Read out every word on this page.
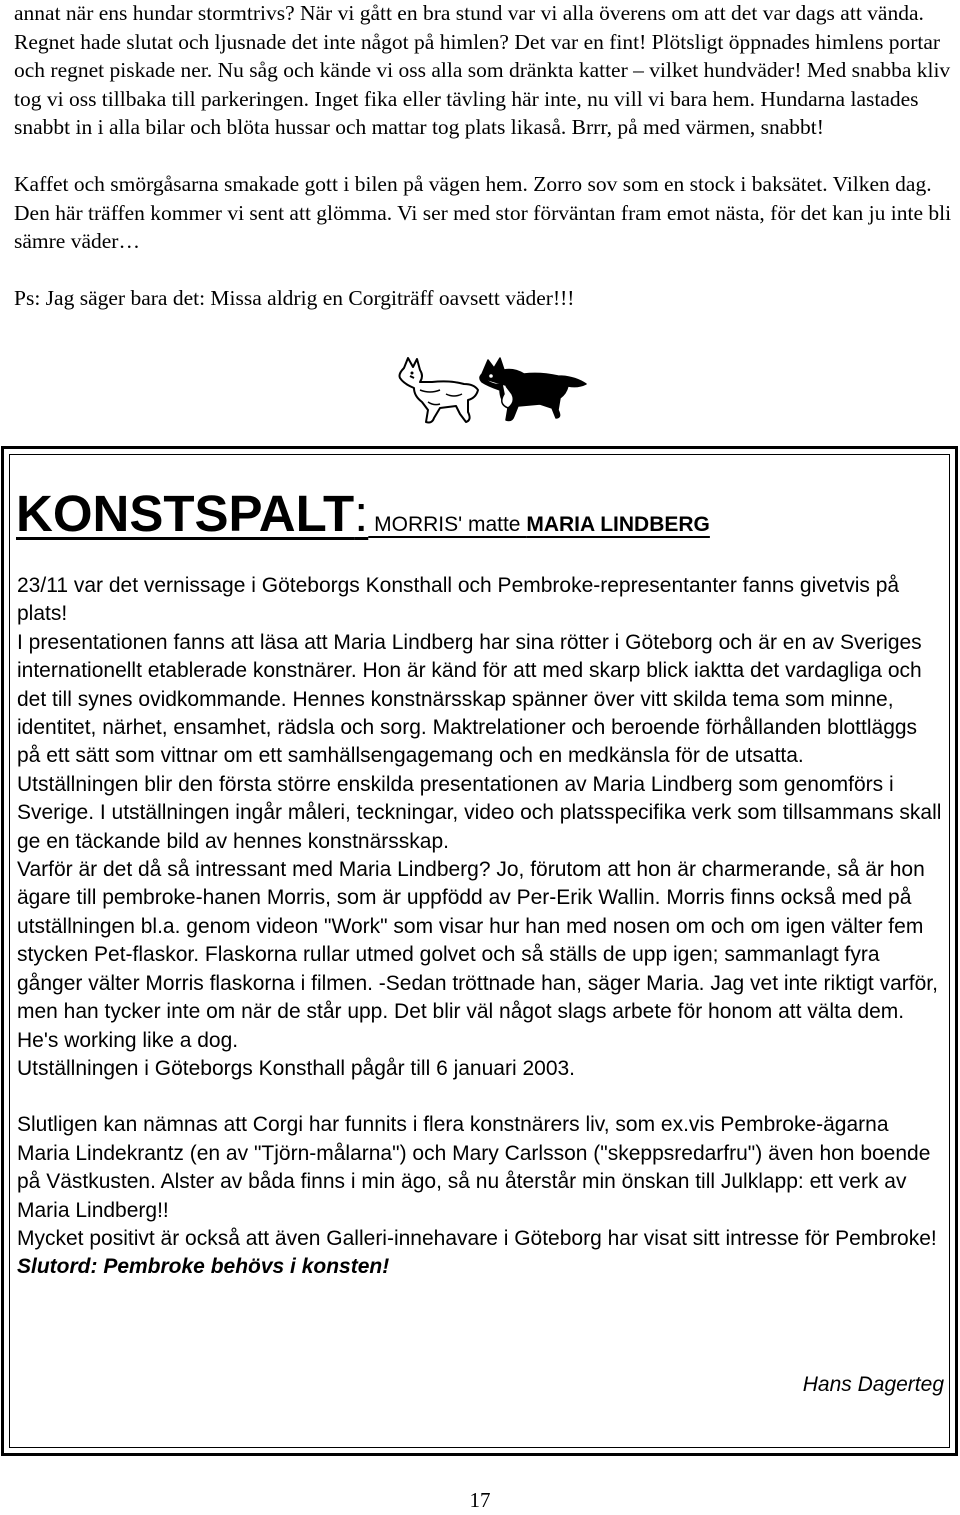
annat när ens hundar stormtrivs? När vi gått en bra stund var vi alla överens om att det var dags att vända. Regnet hade slutat och ljusnade det inte något på himlen? Det var en fint! Plötsligt öppnades himlens portar och regnet piskade ner. Nu såg och kände vi oss alla som dränkta katter – vilket hundväder! Med snabba kliv tog vi oss tillbaka till parkeringen. Inget fika eller tävling här inte, nu vill vi bara hem. Hundarna lastades snabbt in i alla bilar och blöta hussar och mattar tog plats likaså. Brrr, på med värmen, snabbt!

Kaffet och smörgåsarna smakade gott i bilen på vägen hem. Zorro sov som en stock i baksätet. Vilken dag. Den här träffen kommer vi sent att glömma. Vi ser med stor förväntan fram emot nästa, för det kan ju inte bli sämre väder…

Ps: Jag säger bara det: Missa aldrig en Corgiträff oavsett väder!!!

KONSTSPALT: MORRIS' matte MARIA LINDBERG

23/11 var det vernissage i Göteborgs Konsthall och Pembroke-representanter fanns givetvis på plats!

I presentationen fanns att läsa att Maria Lindberg har sina rötter i Göteborg och är en av Sveriges internationellt etablerade konstnärer. Hon är känd för att med skarp blick iaktta det vardagliga och det till synes ovidkommande. Hennes konstnärsskap spänner över vitt skilda tema som minne, identitet, närhet, ensamhet, rädsla och sorg. Maktrelationer och beroende förhållanden blottläggs på ett sätt som vittnar om ett samhällsengagemang och en medkänsla för de utsatta.

Utställningen blir den första större enskilda presentationen av Maria Lindberg som genomförs i Sverige. I utställningen ingår måleri, teckningar, video och platsspecifika verk som tillsammans skall ge en täckande bild av hennes konstnärsskap.

Varför är det då så intressant med Maria Lindberg? Jo, förutom att hon är charmerande, så är hon ägare till pembroke-hanen Morris, som är uppfödd av Per-Erik Wallin. Morris finns också med på utställningen bl.a. genom videon "Work" som visar hur han med nosen om och om igen välter fem stycken Pet-flaskor. Flaskorna rullar utmed golvet och så ställs de upp igen; sammanlagt fyra gånger välter Morris flaskorna i filmen. -Sedan tröttnade han, säger Maria. Jag vet inte riktigt varför, men han tycker inte om när de står upp. Det blir väl något slags arbete för honom att välta dem. He's working like a dog.

Utställningen i Göteborgs Konsthall pågår till 6 januari 2003.

Slutligen kan nämnas att Corgi har funnits i flera konstnärers liv, som ex.vis Pembroke-ägarna Maria Lindekrantz (en av "Tjörn-målarna") och Mary Carlsson ("skeppsredarfru") även hon boende på Västkusten. Alster av båda finns i min ägo, så nu återstår min önskan till Julklapp: ett verk av Maria Lindberg!!

Mycket positivt är också att även Galleri-innehavare i Göteborg har visat sitt intresse för Pembroke! Slutord: Pembroke behövs i konsten!

Hans Dagerteg
17
